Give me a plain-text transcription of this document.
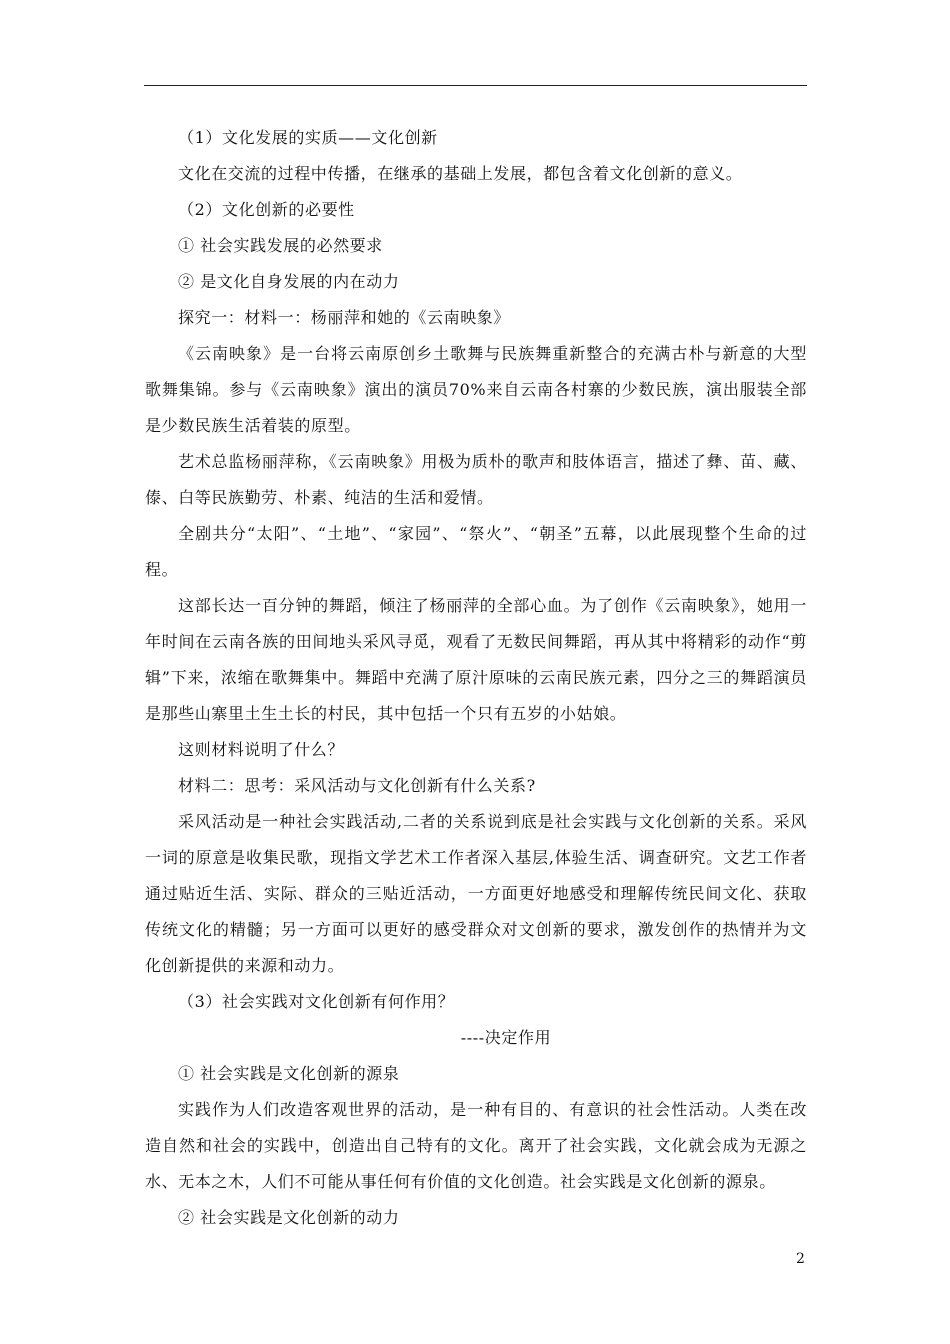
（1）文化发展的实质——文化创新

文化在交流的过程中传播，在继承的基础上发展，都包含着文化创新的意义。

（2）文化创新的必要性

① 社会实践发展的必然要求

② 是文化自身发展的内在动力

探究一：材料一：杨丽萍和她的《云南映象》

《云南映象》是一台将云南原创乡土歌舞与民族舞重新整合的充满古朴与新意的大型歌舞集锦。参与《云南映象》演出的演员70%来自云南各村寨的少数民族，演出服装全部是少数民族生活着装的原型。

艺术总监杨丽萍称，《云南映象》用极为质朴的歌声和肢体语言，描述了彝、苗、藏、傣、白等民族勤劳、朴素、纯洁的生活和爱情。

全剧共分“太阳”、“土地”、“家园”、“祭火”、“朝圣”五幕，以此展现整个生命的过程。

这部长达一百分钟的舞蹈，倾注了杨丽萍的全部心血。为了创作《云南映象》，她用一年时间在云南各族的田间地头采风寻觅，观看了无数民间舞蹈，再从其中将精彩的动作“剪辑”下来，浓缩在歌舞集中。舞蹈中充满了原汁原味的云南民族元素，四分之三的舞蹈演员是那些山寨里土生土长的村民，其中包括一个只有五岁的小姑娘。

这则材料说明了什么？

材料二：思考：采风活动与文化创新有什么关系?

采风活动是一种社会实践活动,二者的关系说到底是社会实践与文化创新的关系。采风一词的原意是收集民歌，现指文学艺术工作者深入基层,体验生活、调查研究。文艺工作者通过贴近生活、实际、群众的三贴近活动，一方面更好地感受和理解传统民间文化、获取传统文化的精髓；另一方面可以更好的感受群众对文创新的要求，激发创作的热情并为文化创新提供的来源和动力。

（3）社会实践对文化创新有何作用？

----决定作用

① 社会实践是文化创新的源泉

实践作为人们改造客观世界的活动，是一种有目的、有意识的社会性活动。人类在改造自然和社会的实践中，创造出自己特有的文化。离开了社会实践，文化就会成为无源之水、无本之木，人们不可能从事任何有价值的文化创造。社会实践是文化创新的源泉。

② 社会实践是文化创新的动力

2
